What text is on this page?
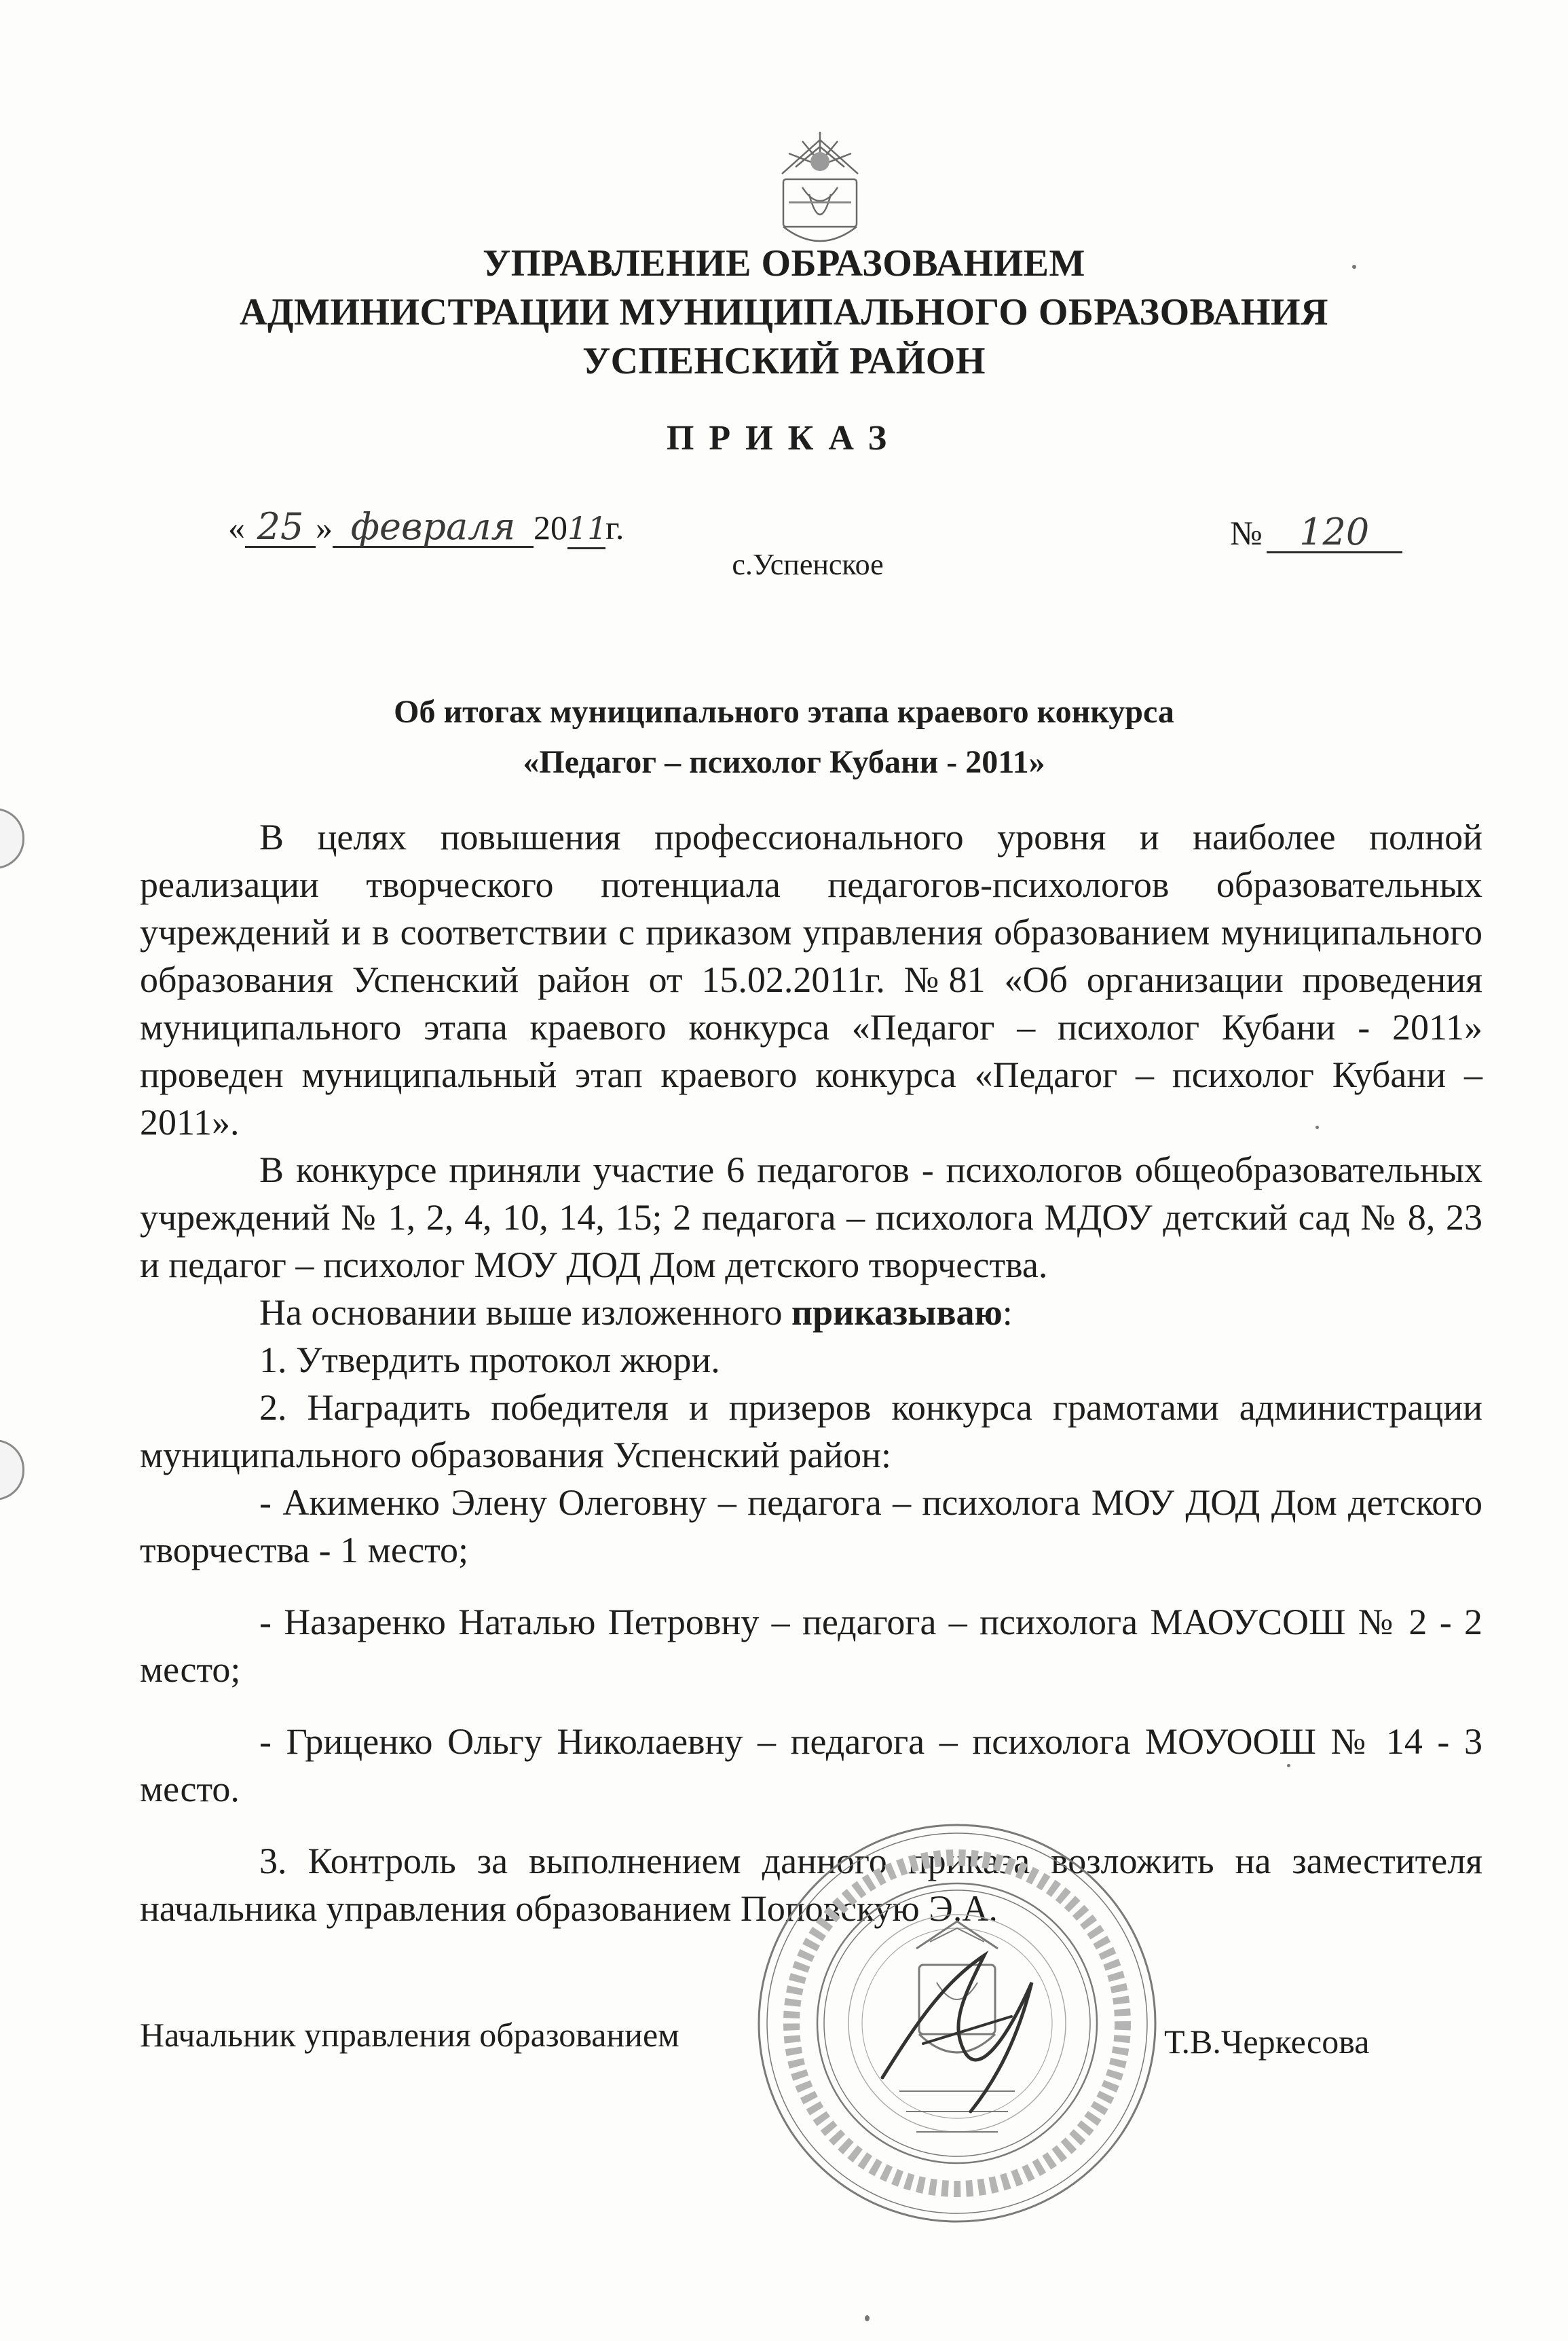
УПРАВЛЕНИЕ ОБРАЗОВАНИЕМ
АДМИНИСТРАЦИИ МУНИЦИПАЛЬНОГО ОБРАЗОВАНИЯ
УСПЕНСКИЙ РАЙОН
ПРИКАЗ
« 25 » февраля 2011г.	№ 120
с.Успенское
Об итогах муниципального этапа краевого конкурса
«Педагог – психолог Кубани - 2011»

В целях повышения профессионального уровня и наиболее полной реализации творческого потенциала педагогов-психологов образовательных учреждений и в соответствии с приказом управления образованием муниципального образования Успенский район от 15.02.2011г. №81 «Об организации проведения муниципального этапа краевого конкурса «Педагог – психолог Кубани - 2011» проведен муниципальный этап краевого конкурса «Педагог – психолог Кубани – 2011».

В конкурсе приняли участие 6 педагогов - психологов общеобразовательных учреждений № 1, 2, 4, 10, 14, 15; 2 педагога – психолога МДОУ детский сад № 8, 23 и педагог – психолог МОУ ДОД Дом детского творчества.

На основании выше изложенного приказываю:

1. Утвердить протокол жюри.

2. Наградить победителя и призеров конкурса грамотами администрации муниципального образования Успенский район:

- Акименко Элену Олеговну – педагога – психолога МОУ ДОД Дом детского творчества - 1 место;

- Назаренко Наталью Петровну – педагога – психолога МАОУСОШ № 2 - 2 место;

- Гриценко Ольгу Николаевну – педагога – психолога МОУООШ № 14 - 3 место.

3. Контроль за выполнением данного приказа возложить на заместителя начальника управления образованием Поповскую Э.А.

Начальник управления образованием	Т.В.Черкесова
